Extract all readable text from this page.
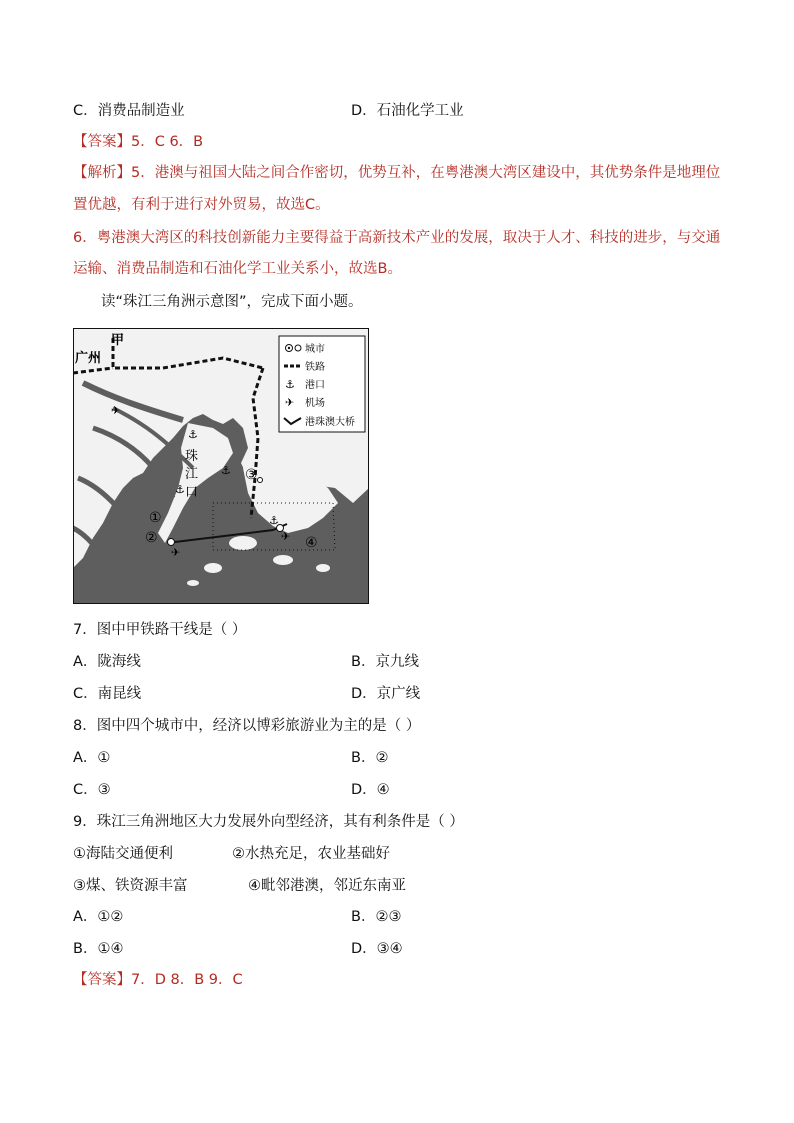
C．消费品制造业	D．石油化学工业
【答案】5．C 6．B
【解析】5．港澳与祖国大陆之间合作密切，优势互补，在粤港澳大湾区建设中，其优势条件是地理位
置优越，有利于进行对外贸易，故选C。
6．粤港澳大湾区的科技创新能力主要得益于高新技术产业的发展，取决于人才、科技的进步，与交通
运输、消费品制造和石油化学工业关系小，故选B。
读“珠江三角洲示意图”，完成下面小题。
城市
铁路
⚓ 港口
✈ 机场
港珠澳大桥
广州
甲
珠
江
口
①
②
③
④
⚓
⚓
⚓
⚓
✈
✈
✈
7．图中甲铁路干线是（ ）
A．陇海线	B．京九线
C．南昆线	D．京广线
8．图中四个城市中，经济以博彩旅游业为主的是（ ）
A．①	B．②
C．③	D．④
9．珠江三角洲地区大力发展外向型经济，其有利条件是（ ）
①海陆交通便利	②水热充足，农业基础好
③煤、铁资源丰富	④毗邻港澳，邻近东南亚
A．①②	B．②③
B．①④	D．③④
【答案】7．D 8．B 9．C
